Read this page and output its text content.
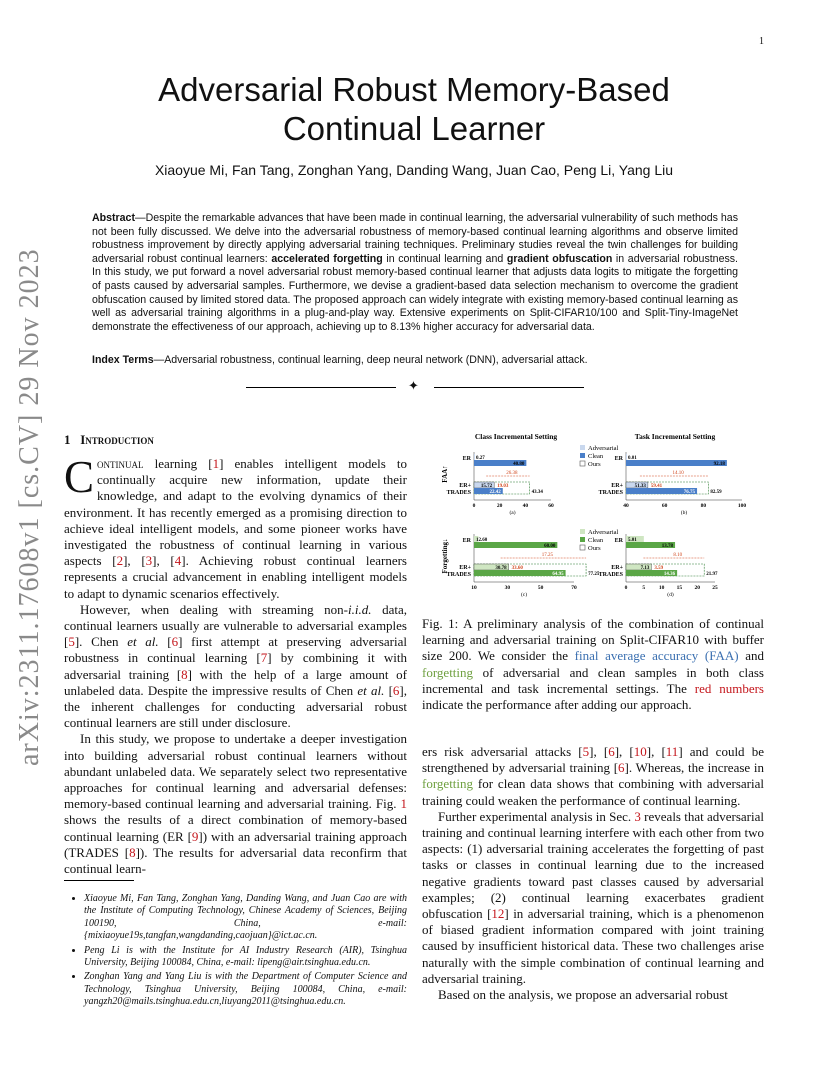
1
arXiv:2311.17608v1 [cs.CV] 29 Nov 2023
Adversarial Robust Memory-Based
Continual Learner
Xiaoyue Mi, Fan Tang, Zonghan Yang, Danding Wang, Juan Cao, Peng Li, Yang Liu
Abstract—Despite the remarkable advances that have been made in continual learning, the adversarial vulnerability of such methods has not been fully discussed. We delve into the adversarial robustness of memory-based continual learning algorithms and observe limited robustness improvement by directly applying adversarial training techniques. Preliminary studies reveal the twin challenges for building adversarial robust continual learners: accelerated forgetting in continual learning and gradient obfuscation in adversarial robustness. In this study, we put forward a novel adversarial robust memory-based continual learner that adjusts data logits to mitigate the forgetting of pasts caused by adversarial samples. Furthermore, we devise a gradient-based data selection mechanism to overcome the gradient obfuscation caused by limited stored data. The proposed approach can widely integrate with existing memory-based continual learning as well as adversarial training algorithms in a plug-and-play way. Extensive experiments on Split-CIFAR10/100 and Split-Tiny-ImageNet demonstrate the effectiveness of our approach, achieving up to 8.13% higher accuracy for adversarial data.
Index Terms—Adversarial robustness, continual learning, deep neural network (DNN), adversarial attack.
✦
1 Introduction

Continual learning [1] enables intelligent models to continually acquire new information, update their knowledge, and adapt to the evolving dynamics of their environment. It has recently emerged as a promising direction to achieve ideal intelligent models, and some pioneer works have investigated the robustness of continual learning in various aspects [2], [3], [4]. Achieving robust continual learners represents a crucial advancement in enabling intelligent models to adapt to dynamic scenarios effectively.

However, when dealing with streaming non-i.i.d. data, continual learners usually are vulnerable to adversarial examples [5]. Chen et al. [6] first attempt at preserving adversarial robustness in continual learning [7] by combining it with adversarial training [8] with the help of a large amount of unlabeled data. Despite the impressive results of Chen et al. [6], the inherent challenges for conducting adversarial robust continual learners are still under disclosure.

In this study, we propose to undertake a deeper investigation into building adversarial robust continual learners without abundant unlabeled data. We separately select two representative approaches for continual learning and adversarial defenses: memory-based continual learning and adversarial training. Fig. 1 shows the results of a direct combination of memory-based continual learning (ER [9]) with an adversarial training approach (TRADES [8]). The results for adversarial data reconfirm that continual learn-

• Xiaoyue Mi, Fan Tang, Zonghan Yang, Danding Wang, and Juan Cao are with the Institute of Computing Technology, Chinese Academy of Sciences, Beijing 100190, China, e-mail: {mixiaoyue19s,tangfan,wangdanding,caojuan}@ict.ac.cn.
• Peng Li is with the Institute for AI Industry Research (AIR), Tsinghua University, Beijing 100084, China, e-mail: lipeng@air.tsinghua.edu.cn.
• Zonghan Yang and Yang Liu is with the Department of Computer Science and Technology, Tsinghua University, Beijing 100084, China, e-mail: yangzh20@mails.tsinghua.edu.cn,liuyang2011@tsinghua.edu.cn.
Class Incremental Setting	Task Incremental Setting
FAA↑
Forgetting↓
Adversarial
Clean
Ours
Adversarial
Clean
Ours
ER
ER+
TRADES
0	20	40	60
(a)
0.27
40.80
15.72
22.42	43.34
19.03
26.38
ER
ER+
TRADES
40	60	80	100
(b)
0.01
92.18
51.33
76.75	82.59
59.41
14.10
ER
ER+
TRADES
10	30	50	70
(c)
12.60
60.00
30.78
64.95	77.25
33.60
17.25
ER
ER+
TRADES
0	5 10 15 20 25
(d)
5.01
13.78
7.13
14.36	21.97
3.59
8.10
Fig. 1: A preliminary analysis of the combination of continual learning and adversarial training on Split-CIFAR10 with buffer size 200. We consider the final average accuracy (FAA) and forgetting of adversarial and clean samples in both class incremental and task incremental settings. The red numbers indicate the performance after adding our approach.

ers risk adversarial attacks [5], [6], [10], [11] and could be strengthened by adversarial training [6]. Whereas, the increase in forgetting for clean data shows that combining with adversarial training could weaken the performance of continual learning.

Further experimental analysis in Sec. 3 reveals that adversarial training and continual learning interfere with each other from two aspects: (1) adversarial training accelerates the forgetting of past tasks or classes in continual learning due to the increased negative gradients toward past classes caused by adversarial examples; (2) continual learning exacerbates gradient obfuscation [12] in adversarial training, which is a phenomenon of biased gradient information compared with joint training caused by insufficient historical data. These two challenges arise naturally with the simple combination of continual learning and adversarial training.

Based on the analysis, we propose an adversarial robust
